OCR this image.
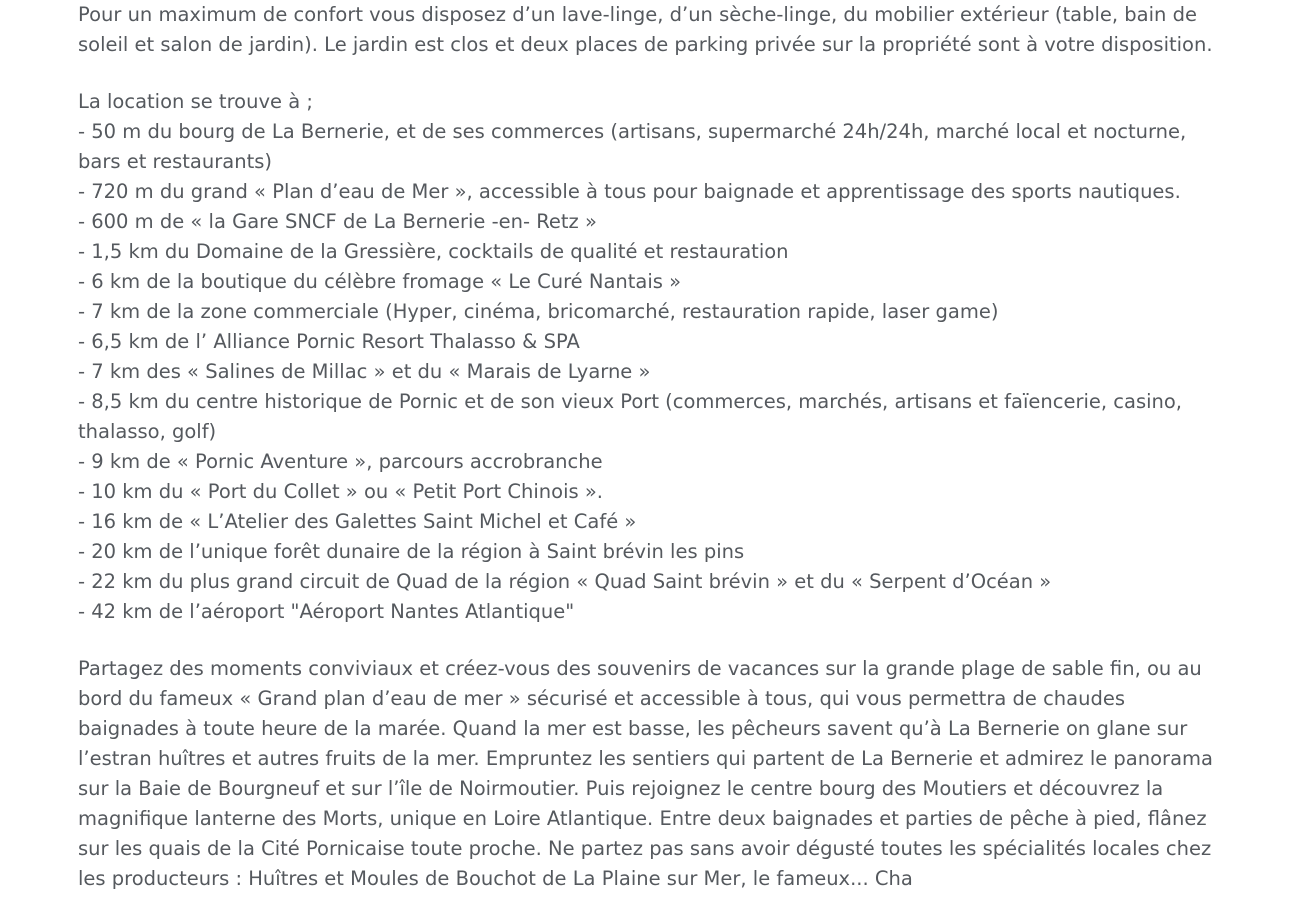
Pour un maximum de confort vous disposez d’un lave-linge, d’un sèche-linge, du mobilier extérieur (table, bain de soleil et salon de jardin). Le jardin est clos et deux places de parking privée sur la propriété sont à votre disposition.

La location se trouve à ;
- 50 m du bourg de La Bernerie, et de ses commerces (artisans, supermarché 24h/24h, marché local et nocturne, bars et restaurants)
- 720 m du grand « Plan d’eau de Mer », accessible à tous pour baignade et apprentissage des sports nautiques.
- 600 m de « la Gare SNCF de La Bernerie -en- Retz »
- 1,5 km du Domaine de la Gressière, cocktails de qualité et restauration
- 6 km de la boutique du célèbre fromage « Le Curé Nantais »
- 7 km de la zone commerciale (Hyper, cinéma, bricomarché, restauration rapide, laser game)
- 6,5 km de l’ Alliance Pornic Resort Thalasso & SPA
- 7 km des « Salines de Millac » et du « Marais de Lyarne »
- 8,5 km du centre historique de Pornic et de son vieux Port (commerces, marchés, artisans et faïencerie, casino, thalasso, golf)
- 9 km de « Pornic Aventure », parcours accrobranche
- 10 km du « Port du Collet » ou « Petit Port Chinois ».
- 16 km de « L’Atelier des Galettes Saint Michel et Café »
- 20 km de l’unique forêt dunaire de la région à Saint brévin les pins
- 22 km du plus grand circuit de Quad de la région « Quad Saint brévin » et du « Serpent d’Océan »
- 42 km de l’aéroport "Aéroport Nantes Atlantique"

Partagez des moments conviviaux et créez-vous des souvenirs de vacances sur la grande plage de sable fin, ou au bord du fameux « Grand plan d’eau de mer » sécurisé et accessible à tous, qui vous permettra de chaudes baignades à toute heure de la marée. Quand la mer est basse, les pêcheurs savent qu’à La Bernerie on glane sur l’estran huîtres et autres fruits de la mer. Empruntez les sentiers qui partent de La Bernerie et admirez le panorama sur la Baie de Bourgneuf et sur l’île de Noirmoutier. Puis rejoignez le centre bourg des Moutiers et découvrez la magnifique lanterne des Morts, unique en Loire Atlantique. Entre deux baignades et parties de pêche à pied, flânez sur les quais de la Cité Pornicaise toute proche. Ne partez pas sans avoir dégusté toutes les spécialités locales chez les producteurs : Huîtres et Moules de Bouchot de La Plaine sur Mer, le fameux... Cha
